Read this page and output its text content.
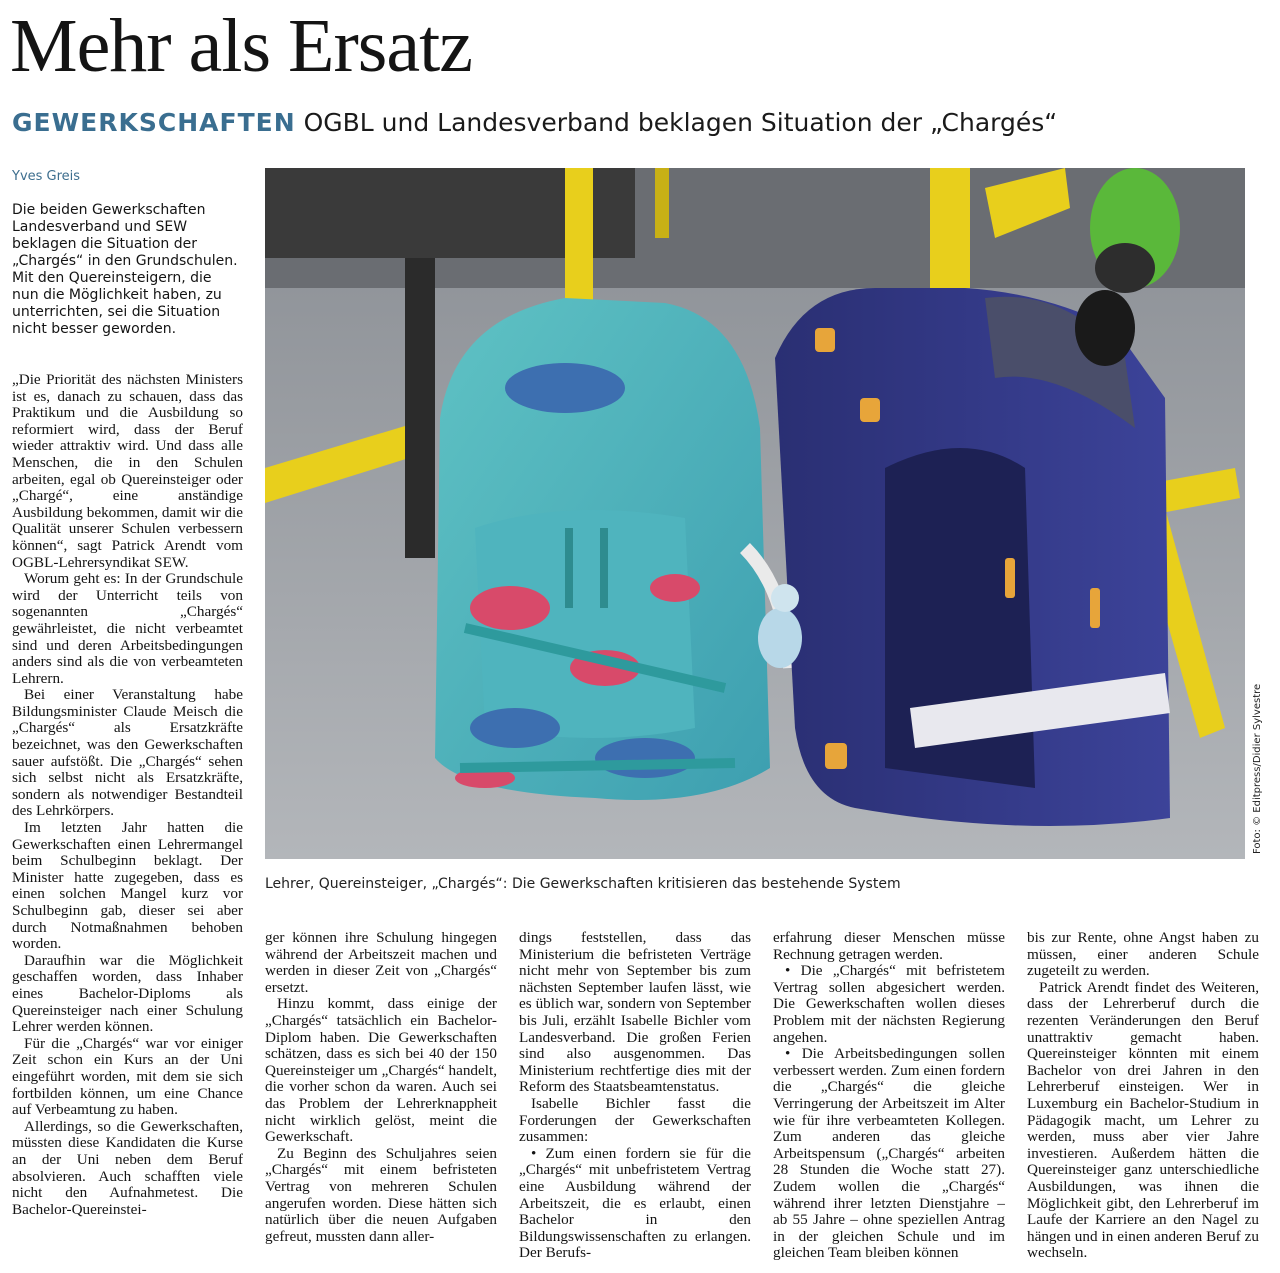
Mehr als Ersatz
GEWERKSCHAFTEN OGBL und Landesverband beklagen Situation der „Chargés“
Yves Greis

Die beiden Gewerkschaften Landesverband und SEW beklagen die Situation der „Chargés“ in den Grundschulen. Mit den Quereinsteigern, die nun die Möglichkeit haben, zu unterrichten, sei die Situation nicht besser geworden.

Foto: © Editpress/Didier Sylvestre
Lehrer, Quereinsteiger, „Chargés“: Die Gewerkschaften kritisieren das bestehende System

„Die Priorität des nächsten Ministers ist es, danach zu schauen, dass das Praktikum und die Ausbildung so reformiert wird, dass der Beruf wieder attraktiv wird. Und dass alle Menschen, die in den Schulen arbeiten, egal ob Quereinsteiger oder „Chargé“, eine anständige Ausbildung bekommen, damit wir die Qualität unserer Schulen verbessern können“, sagt Patrick Arendt vom OGBL-Lehrersyndikat SEW.

Worum geht es: In der Grundschule wird der Unterricht teils von sogenannten „Chargés“ gewährleistet, die nicht verbeamtet sind und deren Arbeitsbedingungen anders sind als die von verbeamteten Lehrern.

Bei einer Veranstaltung habe Bildungsminister Claude Meisch die „Chargés“ als Ersatzkräfte bezeichnet, was den Gewerkschaften sauer aufstößt. Die „Chargés“ sehen sich selbst nicht als Ersatzkräfte, sondern als notwendiger Bestandteil des Lehrkörpers.

Im letzten Jahr hatten die Gewerkschaften einen Lehrermangel beim Schulbeginn beklagt. Der Minister hatte zugegeben, dass es einen solchen Mangel kurz vor Schulbeginn gab, dieser sei aber durch Notmaßnahmen behoben worden.

Daraufhin war die Möglichkeit geschaffen worden, dass Inhaber eines Bachelor-Diploms als Quereinsteiger nach einer Schulung Lehrer werden können.

Für die „Chargés“ war vor einiger Zeit schon ein Kurs an der Uni eingeführt worden, mit dem sie sich fortbilden können, um eine Chance auf Verbeamtung zu haben.

Allerdings, so die Gewerkschaften, müssten diese Kandidaten die Kurse an der Uni neben dem Beruf absolvieren. Auch schafften viele nicht den Aufnahmetest. Die Bachelor-Quereinstei-

ger können ihre Schulung hingegen während der Arbeitszeit machen und werden in dieser Zeit von „Chargés“ ersetzt.

Hinzu kommt, dass einige der „Chargés“ tatsächlich ein Bachelor-Diplom haben. Die Gewerkschaften schätzen, dass es sich bei 40 der 150 Quereinsteiger um „Chargés“ handelt, die vorher schon da waren. Auch sei das Problem der Lehrerknappheit nicht wirklich gelöst, meint die Gewerkschaft.

Zu Beginn des Schuljahres seien „Chargés“ mit einem befristeten Vertrag von mehreren Schulen angerufen worden. Diese hätten sich natürlich über die neuen Aufgaben gefreut, mussten dann aller-

dings feststellen, dass das Ministerium die befristeten Verträge nicht mehr von September bis zum nächsten September laufen lässt, wie es üblich war, sondern von September bis Juli, erzählt Isabelle Bichler vom Landesverband. Die großen Ferien sind also ausgenommen. Das Ministerium rechtfertige dies mit der Reform des Staatsbeamtenstatus.

Isabelle Bichler fasst die Forderungen der Gewerkschaften zusammen:

• Zum einen fordern sie für die „Chargés“ mit unbefristetem Vertrag eine Ausbildung während der Arbeitszeit, die es erlaubt, einen Bachelor in den Bildungswissenschaften zu erlangen. Der Berufs-

erfahrung dieser Menschen müsse Rechnung getragen werden.

• Die „Chargés“ mit befristetem Vertrag sollen abgesichert werden. Die Gewerkschaften wollen dieses Problem mit der nächsten Regierung angehen.

• Die Arbeitsbedingungen sollen verbessert werden. Zum einen fordern die „Chargés“ die gleiche Verringerung der Arbeitszeit im Alter wie für ihre verbeamteten Kollegen. Zum anderen das gleiche Arbeitspensum („Chargés“ arbeiten 28 Stunden die Woche statt 27). Zudem wollen die „Chargés“ während ihrer letzten Dienstjahre – ab 55 Jahre – ohne speziellen Antrag in der gleichen Schule und im gleichen Team bleiben können

bis zur Rente, ohne Angst haben zu müssen, einer anderen Schule zugeteilt zu werden.

Patrick Arendt findet des Weiteren, dass der Lehrerberuf durch die rezenten Veränderungen den Beruf unattraktiv gemacht haben. Quereinsteiger könnten mit einem Bachelor von drei Jahren in den Lehrerberuf einsteigen. Wer in Luxemburg ein Bachelor-Studium in Pädagogik macht, um Lehrer zu werden, muss aber vier Jahre investieren. Außerdem hätten die Quereinsteiger ganz unterschiedliche Ausbildungen, was ihnen die Möglichkeit gibt, den Lehrerberuf im Laufe der Karriere an den Nagel zu hängen und in einen anderen Beruf zu wechseln.
